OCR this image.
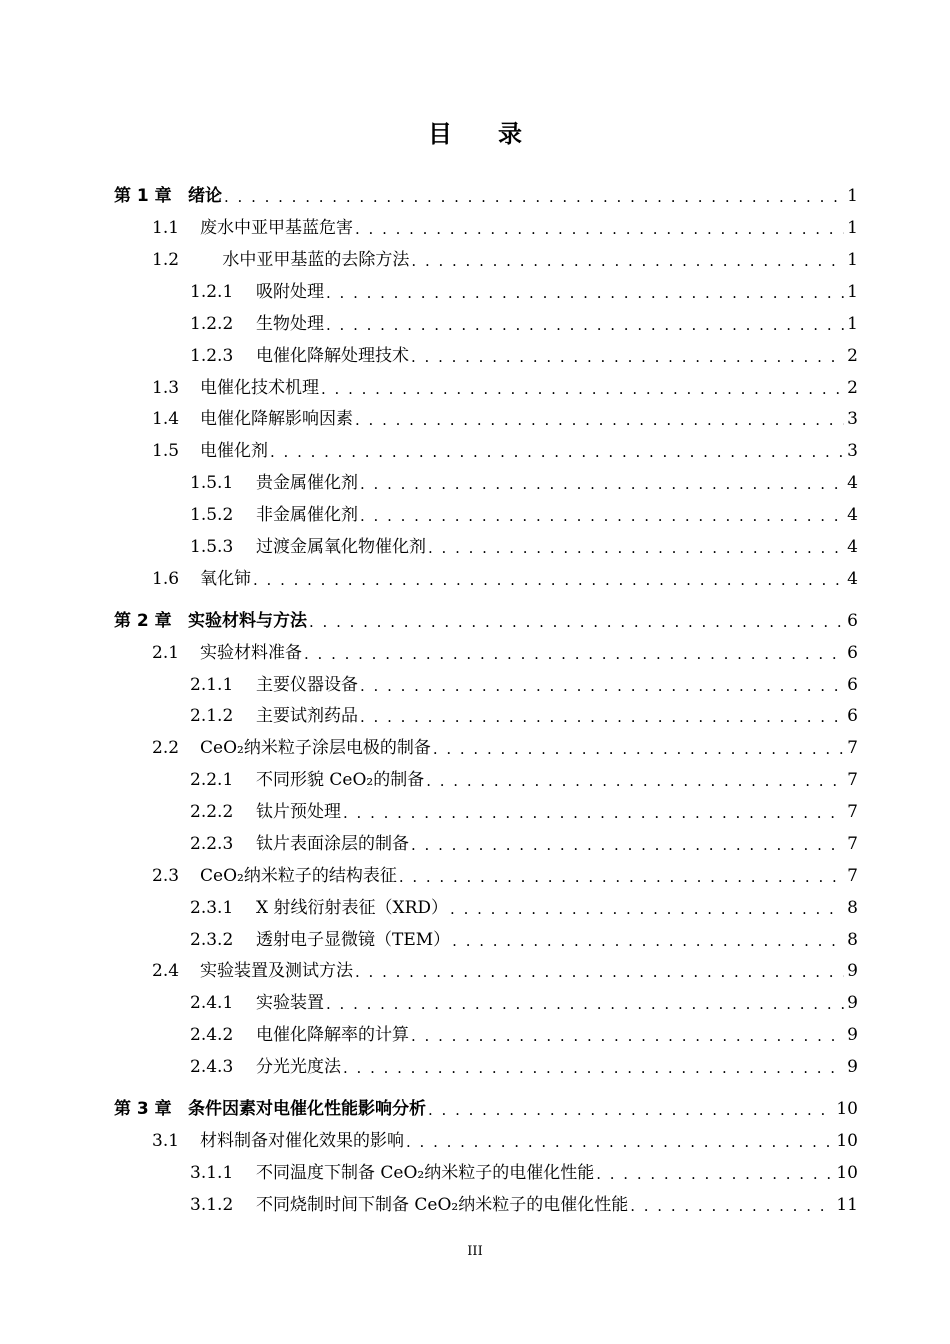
目 录
第 1 章 绪论 . . .	1
1.1	废水中亚甲基蓝危害 . . .	1
1.2	　 水中亚甲基蓝的去除方法 . . .	1
1.2.1	吸附处理 . . .	1
1.2.2	生物处理 . . .	1
1.2.3	电催化降解处理技术 . . .	2
1.3	电催化技术机理 . . .	2
1.4	电催化降解影响因素 . . .	3
1.5	电催化剂 . . .	3
1.5.1	贵金属催化剂 . . .	4
1.5.2	非金属催化剂 . . .	4
1.5.3	过渡金属氧化物催化剂 . . .	4
1.6	氧化铈 . . .	4
第 2 章 实验材料与方法 . . .	6
2.1	实验材料准备 . . .	6
2.1.1	主要仪器设备 . . .	6
2.1.2	主要试剂药品 . . .	6
2.2	CeO₂纳米粒子涂层电极的制备 . . .	7
2.2.1	不同形貌 CeO₂的制备 . . .	7
2.2.2	钛片预处理 . . .	7
2.2.3	钛片表面涂层的制备 . . .	7
2.3	CeO₂纳米粒子的结构表征 . . .	7
2.3.1	X 射线衍射表征（XRD） . . .	8
2.3.2	透射电子显微镜（TEM） . . .	8
2.4	实验装置及测试方法 . . .	9
2.4.1	实验装置 . . .	9
2.4.2	电催化降解率的计算 . . .	9
2.4.3	分光光度法 . . .	9
第 3 章 条件因素对电催化性能影响分析 . . .	10
3.1	材料制备对催化效果的影响 . . .	10
3.1.1	不同温度下制备 CeO₂纳米粒子的电催化性能 . . .	10
3.1.2	不同烧制时间下制备 CeO₂纳米粒子的电催化性能 . . .	11
III
